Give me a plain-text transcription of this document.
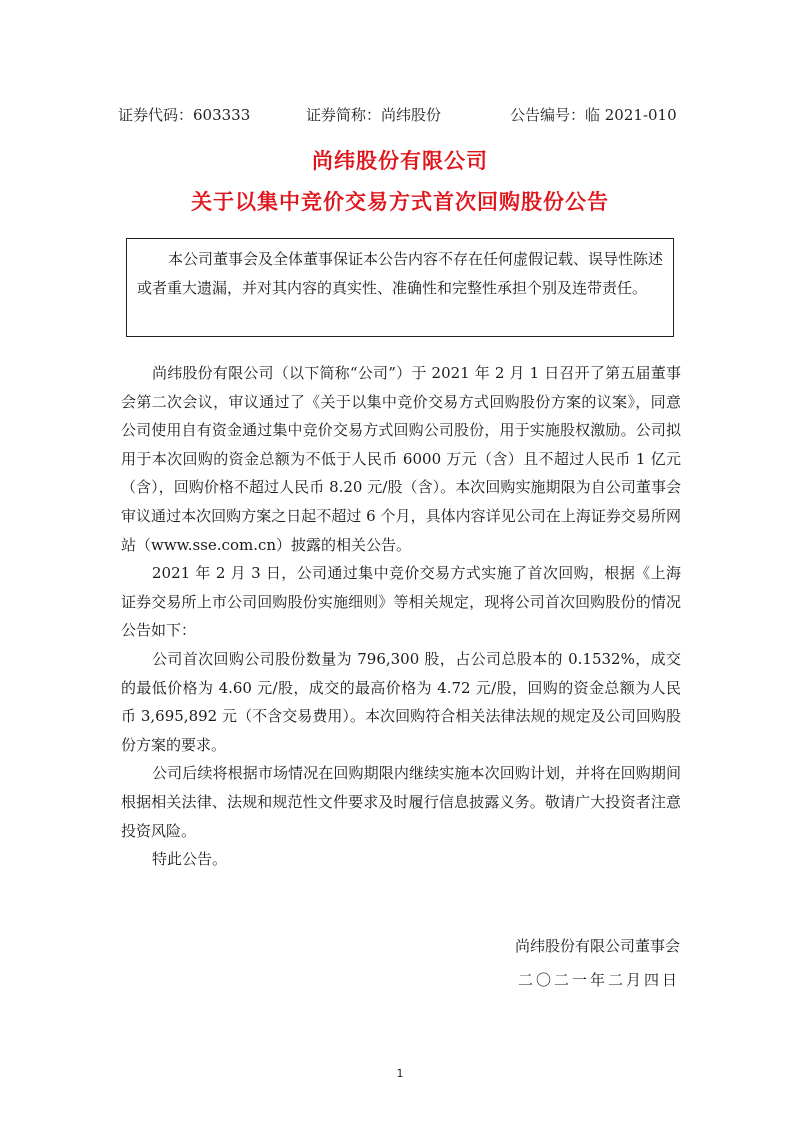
证券代码：603333	证券简称：尚纬股份	公告编号：临 2021-010
尚纬股份有限公司
关于以集中竞价交易方式首次回购股份公告
本公司董事会及全体董事保证本公告内容不存在任何虚假记载、误导性陈述或者重大遗漏，并对其内容的真实性、准确性和完整性承担个别及连带责任。

尚纬股份有限公司（以下简称“公司”）于 2021 年 2 月 1 日召开了第五届董事会第二次会议，审议通过了《关于以集中竞价交易方式回购股份方案的议案》，同意公司使用自有资金通过集中竞价交易方式回购公司股份，用于实施股权激励。公司拟用于本次回购的资金总额为不低于人民币 6000 万元（含）且不超过人民币 1 亿元（含），回购价格不超过人民币 8.20 元/股（含）。本次回购实施期限为自公司董事会审议通过本次回购方案之日起不超过 6 个月，具体内容详见公司在上海证券交易所网站（www.sse.com.cn）披露的相关公告。

2021 年 2 月 3 日，公司通过集中竞价交易方式实施了首次回购，根据《上海证券交易所上市公司回购股份实施细则》等相关规定，现将公司首次回购股份的情况公告如下：

公司首次回购公司股份数量为 796,300 股，占公司总股本的 0.1532%，成交的最低价格为 4.60 元/股，成交的最高价格为 4.72 元/股，回购的资金总额为人民币 3,695,892 元（不含交易费用）。本次回购符合相关法律法规的规定及公司回购股份方案的要求。

公司后续将根据市场情况在回购期限内继续实施本次回购计划，并将在回购期间根据相关法律、法规和规范性文件要求及时履行信息披露义务。敬请广大投资者注意投资风险。

特此公告。

尚纬股份有限公司董事会
二〇二一年二月四日
1
